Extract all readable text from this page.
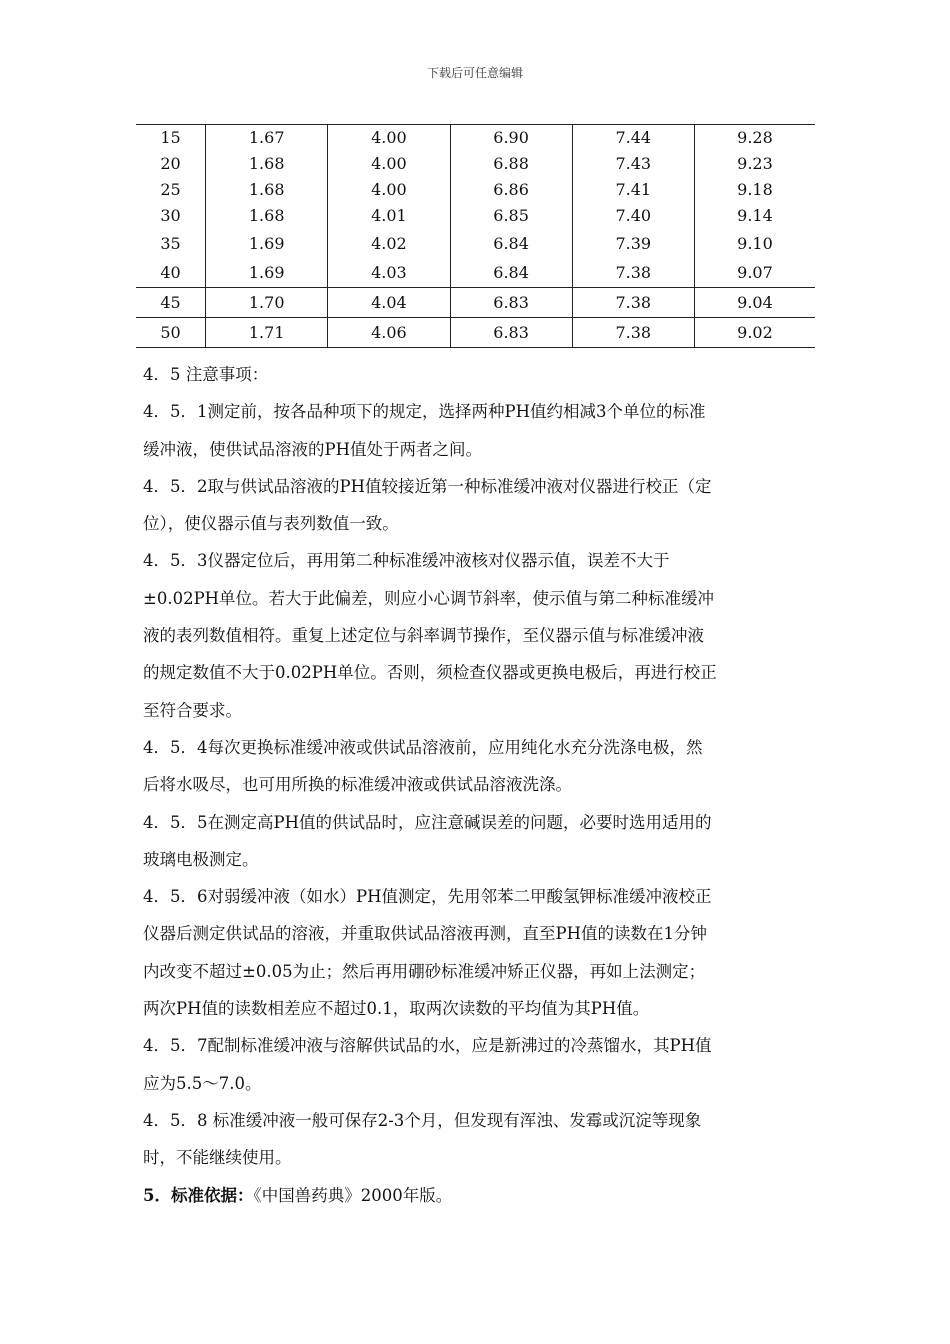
下载后可任意编辑
15	1.67	4.00	6.90	7.44	9.28
20	1.68	4.00	6.88	7.43	9.23
25	1.68	4.00	6.86	7.41	9.18
30	1.68	4.01	6.85	7.40	9.14
35	1.69	4.02	6.84	7.39	9.10
40	1.69	4.03	6.84	7.38	9.07
45	1.70	4.04	6.83	7.38	9.04
50	1.71	4.06	6.83	7.38	9.02

4．5 注意事项：

4．5．1测定前，按各品种项下的规定，选择两种PH值约相减3个单位的标准

缓冲液，使供试品溶液的PH值处于两者之间。

4．5．2取与供试品溶液的PH值较接近第一种标准缓冲液对仪器进行校正（定

位），使仪器示值与表列数值一致。

4．5．3仪器定位后，再用第二种标准缓冲液核对仪器示值，误差不大于

±0.02PH单位。若大于此偏差，则应小心调节斜率，使示值与第二种标准缓冲

液的表列数值相符。重复上述定位与斜率调节操作，至仪器示值与标准缓冲液

的规定数值不大于0.02PH单位。否则，须检查仪器或更换电极后，再进行校正

至符合要求。

4．5．4每次更换标准缓冲液或供试品溶液前，应用纯化水充分洗涤电极，然

后将水吸尽，也可用所换的标准缓冲液或供试品溶液洗涤。

4．5．5在测定高PH值的供试品时，应注意碱误差的问题，必要时选用适用的

玻璃电极测定。

4．5．6对弱缓冲液（如水）PH值测定，先用邻苯二甲酸氢钾标准缓冲液校正

仪器后测定供试品的溶液，并重取供试品溶液再测，直至PH值的读数在1分钟

内改变不超过±0.05为止；然后再用硼砂标准缓冲矫正仪器，再如上法测定；

两次PH值的读数相差应不超过0.1，取两次读数的平均值为其PH值。

4．5．7配制标准缓冲液与溶解供试品的水，应是新沸过的冷蒸馏水，其PH值

应为5.5～7.0。

4．5．8 标准缓冲液一般可保存2-3个月，但发现有浑浊、发霉或沉淀等现象

时，不能继续使用。

5．标准依据：《中国兽药典》2000年版。
